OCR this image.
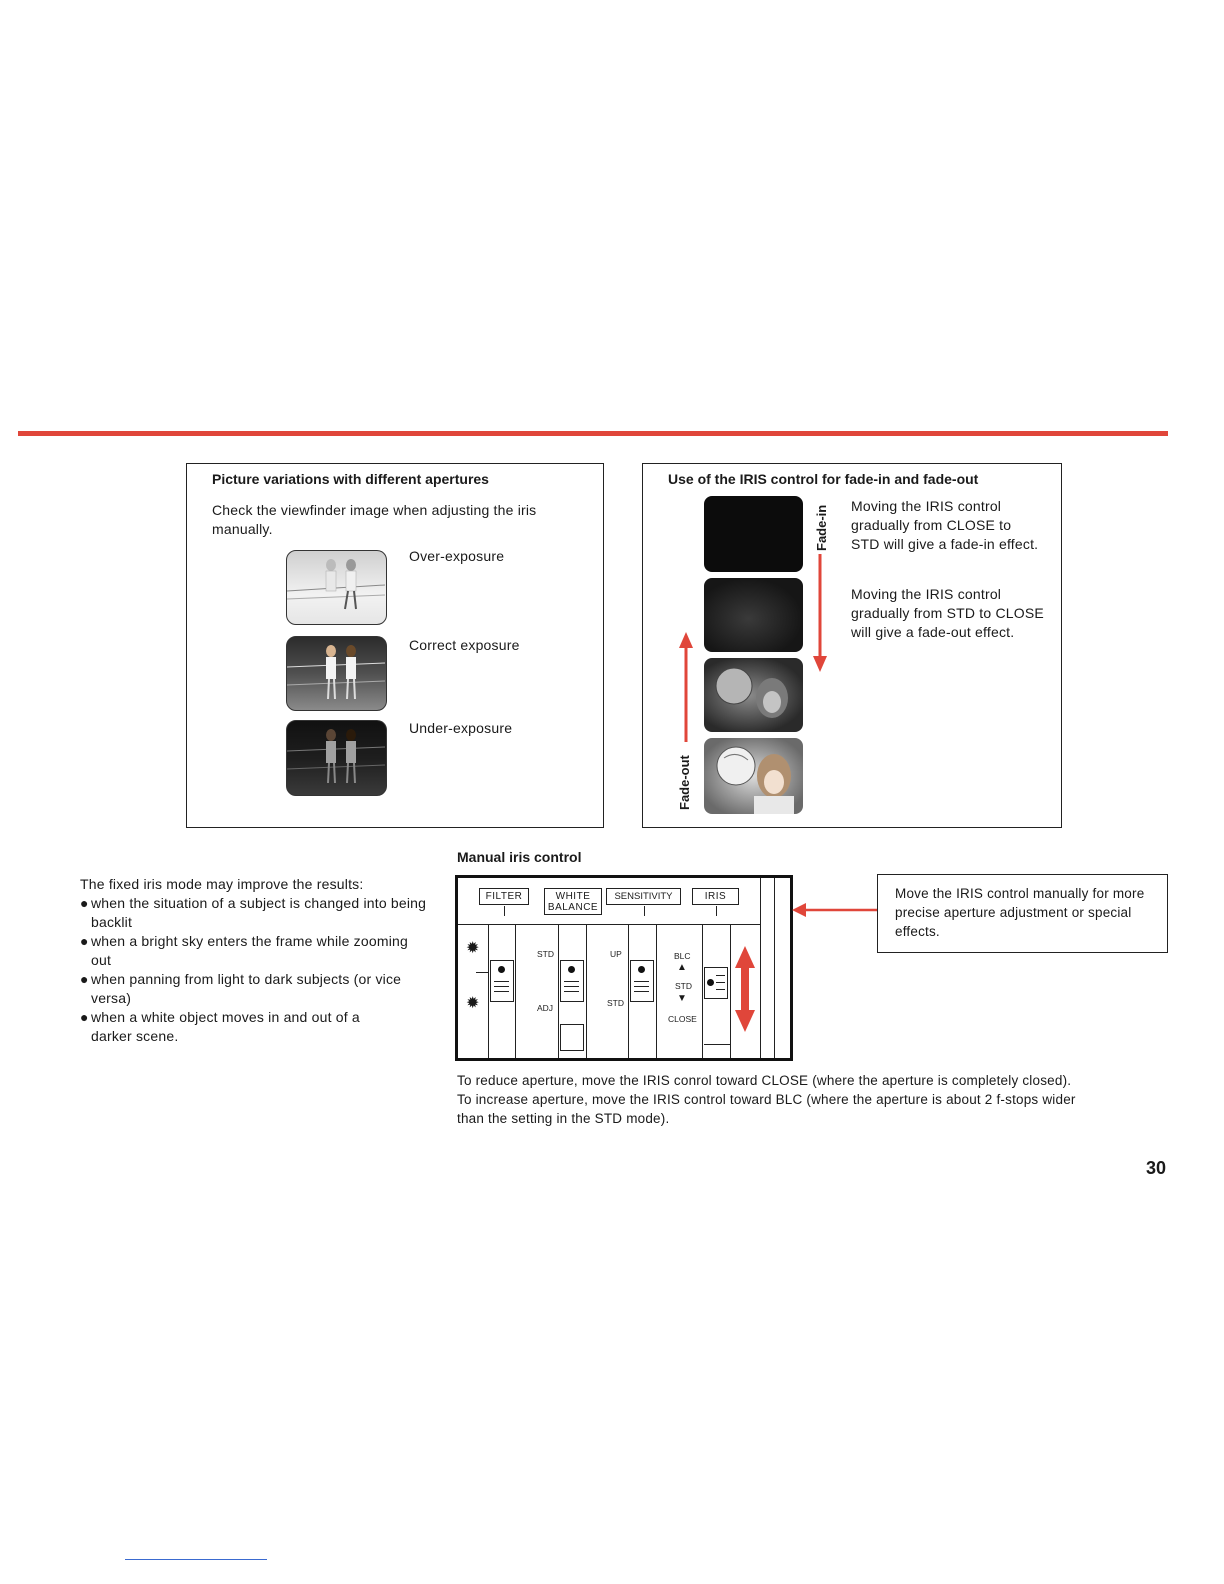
Picture variations with different apertures
Check the viewfinder image when adjusting the iris manually.
Over-exposure
Correct exposure
Under-exposure
Use of the IRIS control for fade-in and fade-out
Fade-in
Fade-out
Moving the IRIS control gradually from CLOSE to STD will give a fade-in effect.
Moving the IRIS control gradually from STD to CLOSE will give a fade-out effect.
The fixed iris mode may improve the results:
● when the situation of a subject is changed into being backlit
● when a bright sky enters the frame while zooming out
● when panning from light to dark subjects (or vice versa)
● when a white object moves in and out of a darker scene.
Manual iris control
FILTER	WHITE
BALANCE
SENSITIVITY	IRIS
✹
✹
STD
ADJ
UP
STD
BLC
▲
STD
▼
CLOSE
Move the IRIS control manually for more precise aperture adjustment or special effects.
To reduce aperture, move the IRIS conrol toward CLOSE (where the aperture is completely closed).
To increase aperture, move the IRIS control toward BLC (where the aperture is about 2 f-stops wider
than the setting in the STD mode).
30
